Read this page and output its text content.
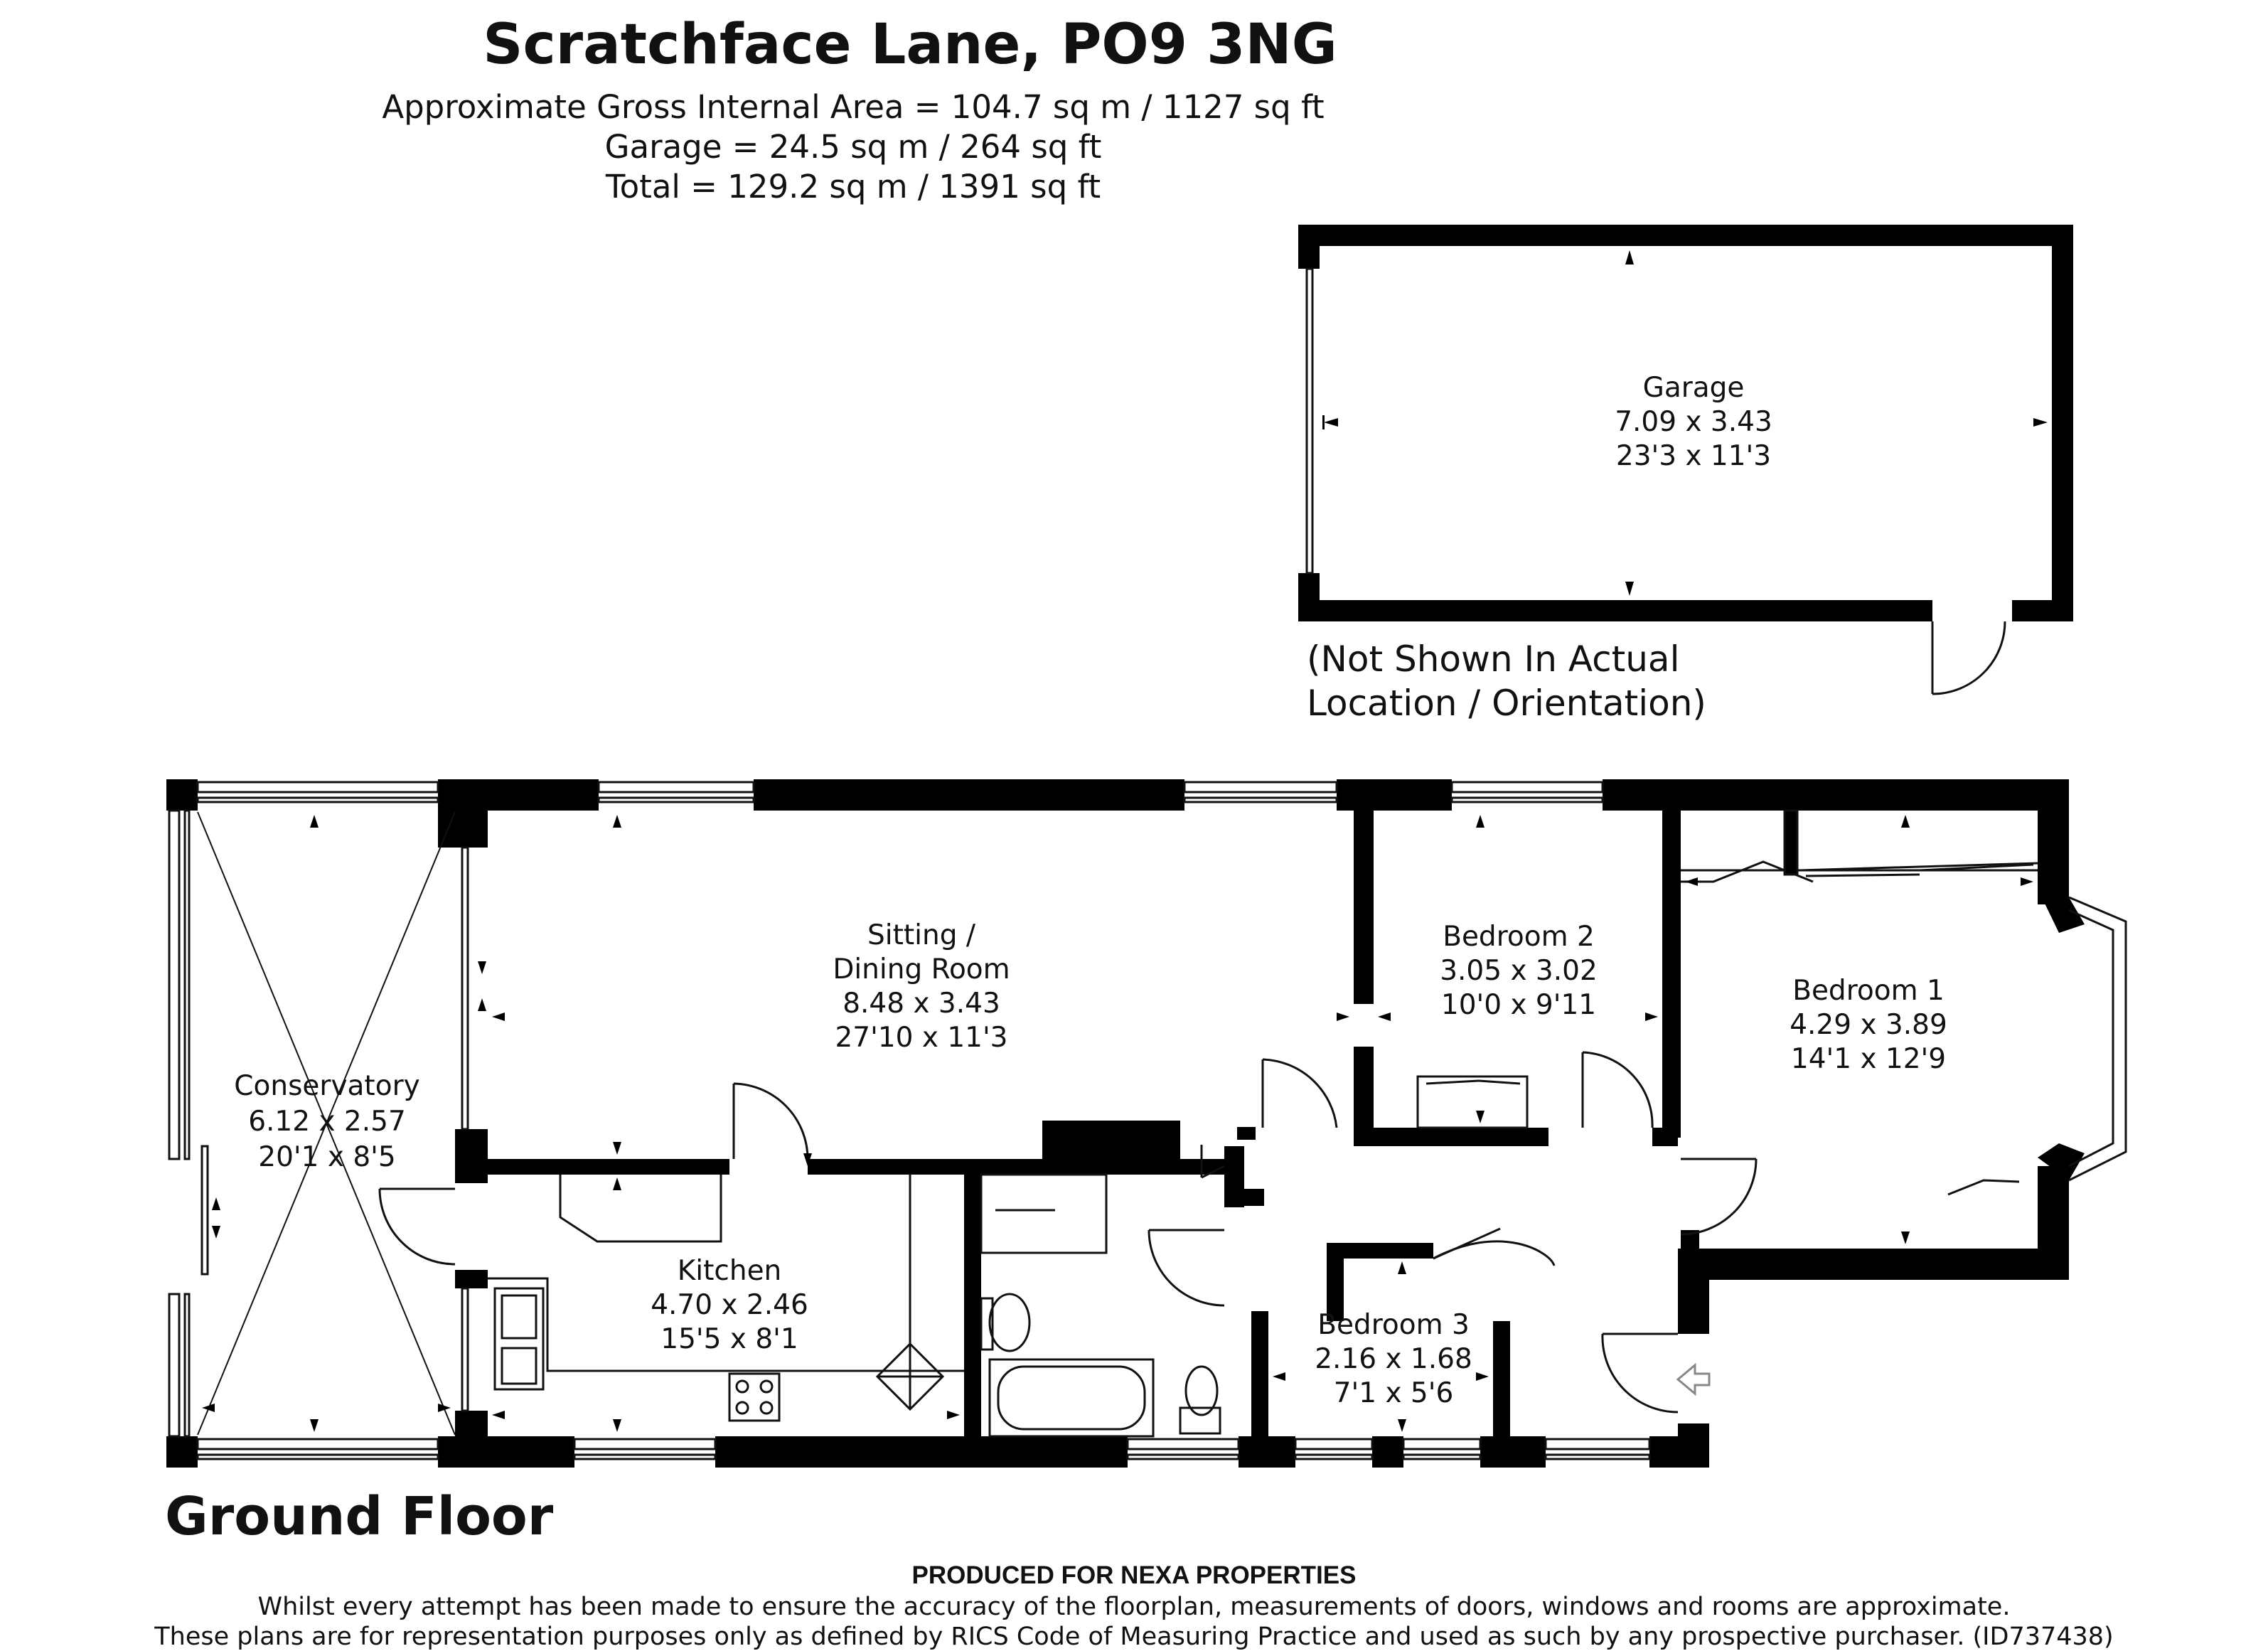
Scratchface Lane, PO9 3NG
Approximate Gross Internal Area = 104.7 sq m / 1127 sq ft
Garage = 24.5 sq m / 264 sq ft
Total = 129.2 sq m / 1391 sq ft
Garage
7.09 x 3.43
23'3 x 11'3
Conservatory
6.12 x 2.57
20'1 x 8'5
Sitting /
Dining Room
8.48 x 3.43
27'10 x 11'3
Bedroom 2
3.05 x 3.02
10'0 x 9'11	Bedroom 1
4.29 x 3.89
14'1 x 12'9
Kitchen
4.70 x 2.46
15'5 x 8'1	Bedroom 3
2.16 x 1.68
7'1 x 5'6
(Not Shown In Actual
Location / Orientation)
Ground Floor
PRODUCED FOR NEXA PROPERTIES
Whilst every attempt has been made to ensure the accuracy of the floorplan, measurements of doors, windows and rooms are approximate.
These plans are for representation purposes only as defined by RICS Code of Measuring Practice and used as such by any prospective purchaser. (ID737438)
